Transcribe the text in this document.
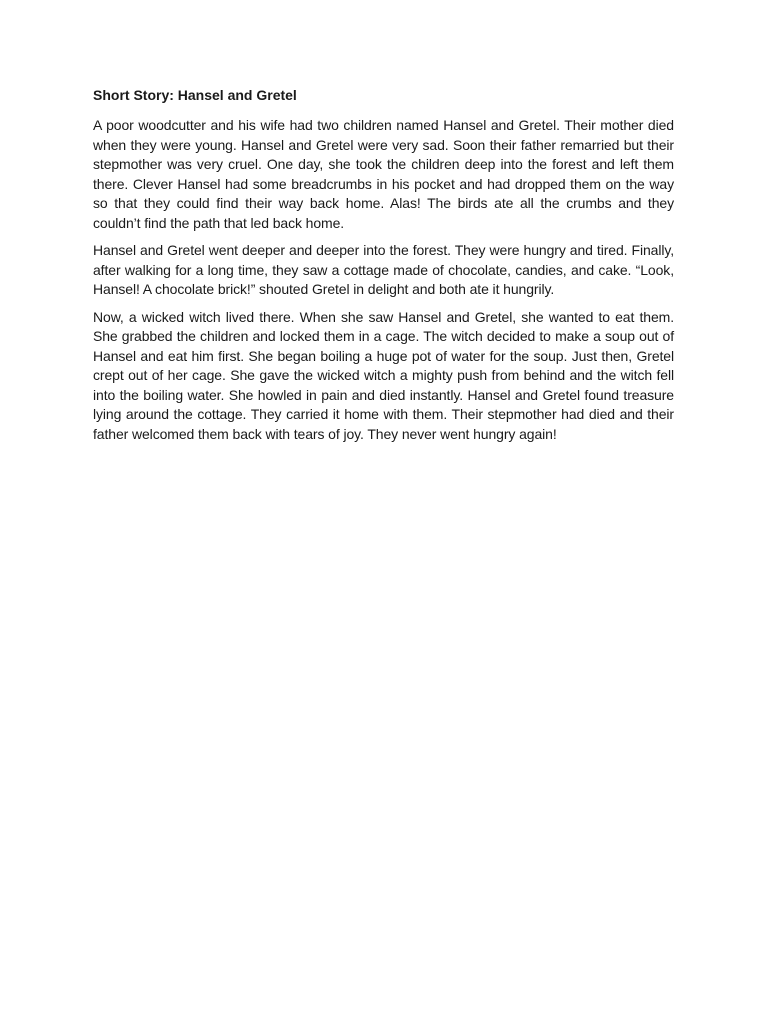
Short Story: Hansel and Gretel

A poor woodcutter and his wife had two children named Hansel and Gretel. Their mother died when they were young. Hansel and Gretel were very sad. Soon their father remarried but their stepmother was very cruel. One day, she took the children deep into the forest and left them there. Clever Hansel had some breadcrumbs in his pocket and had dropped them on the way so that they could find their way back home. Alas! The birds ate all the crumbs and they couldn’t find the path that led back home.

Hansel and Gretel went deeper and deeper into the forest. They were hungry and tired. Finally, after walking for a long time, they saw a cottage made of chocolate, candies, and cake. “Look, Hansel! A chocolate brick!” shouted Gretel in delight and both ate it hungrily.

Now, a wicked witch lived there. When she saw Hansel and Gretel, she wanted to eat them. She grabbed the children and locked them in a cage. The witch decided to make a soup out of Hansel and eat him first. She began boiling a huge pot of water for the soup. Just then, Gretel crept out of her cage. She gave the wicked witch a mighty push from behind and the witch fell into the boiling water. She howled in pain and died instantly. Hansel and Gretel found treasure lying around the cottage. They carried it home with them. Their stepmother had died and their father welcomed them back with tears of joy. They never went hungry again!
